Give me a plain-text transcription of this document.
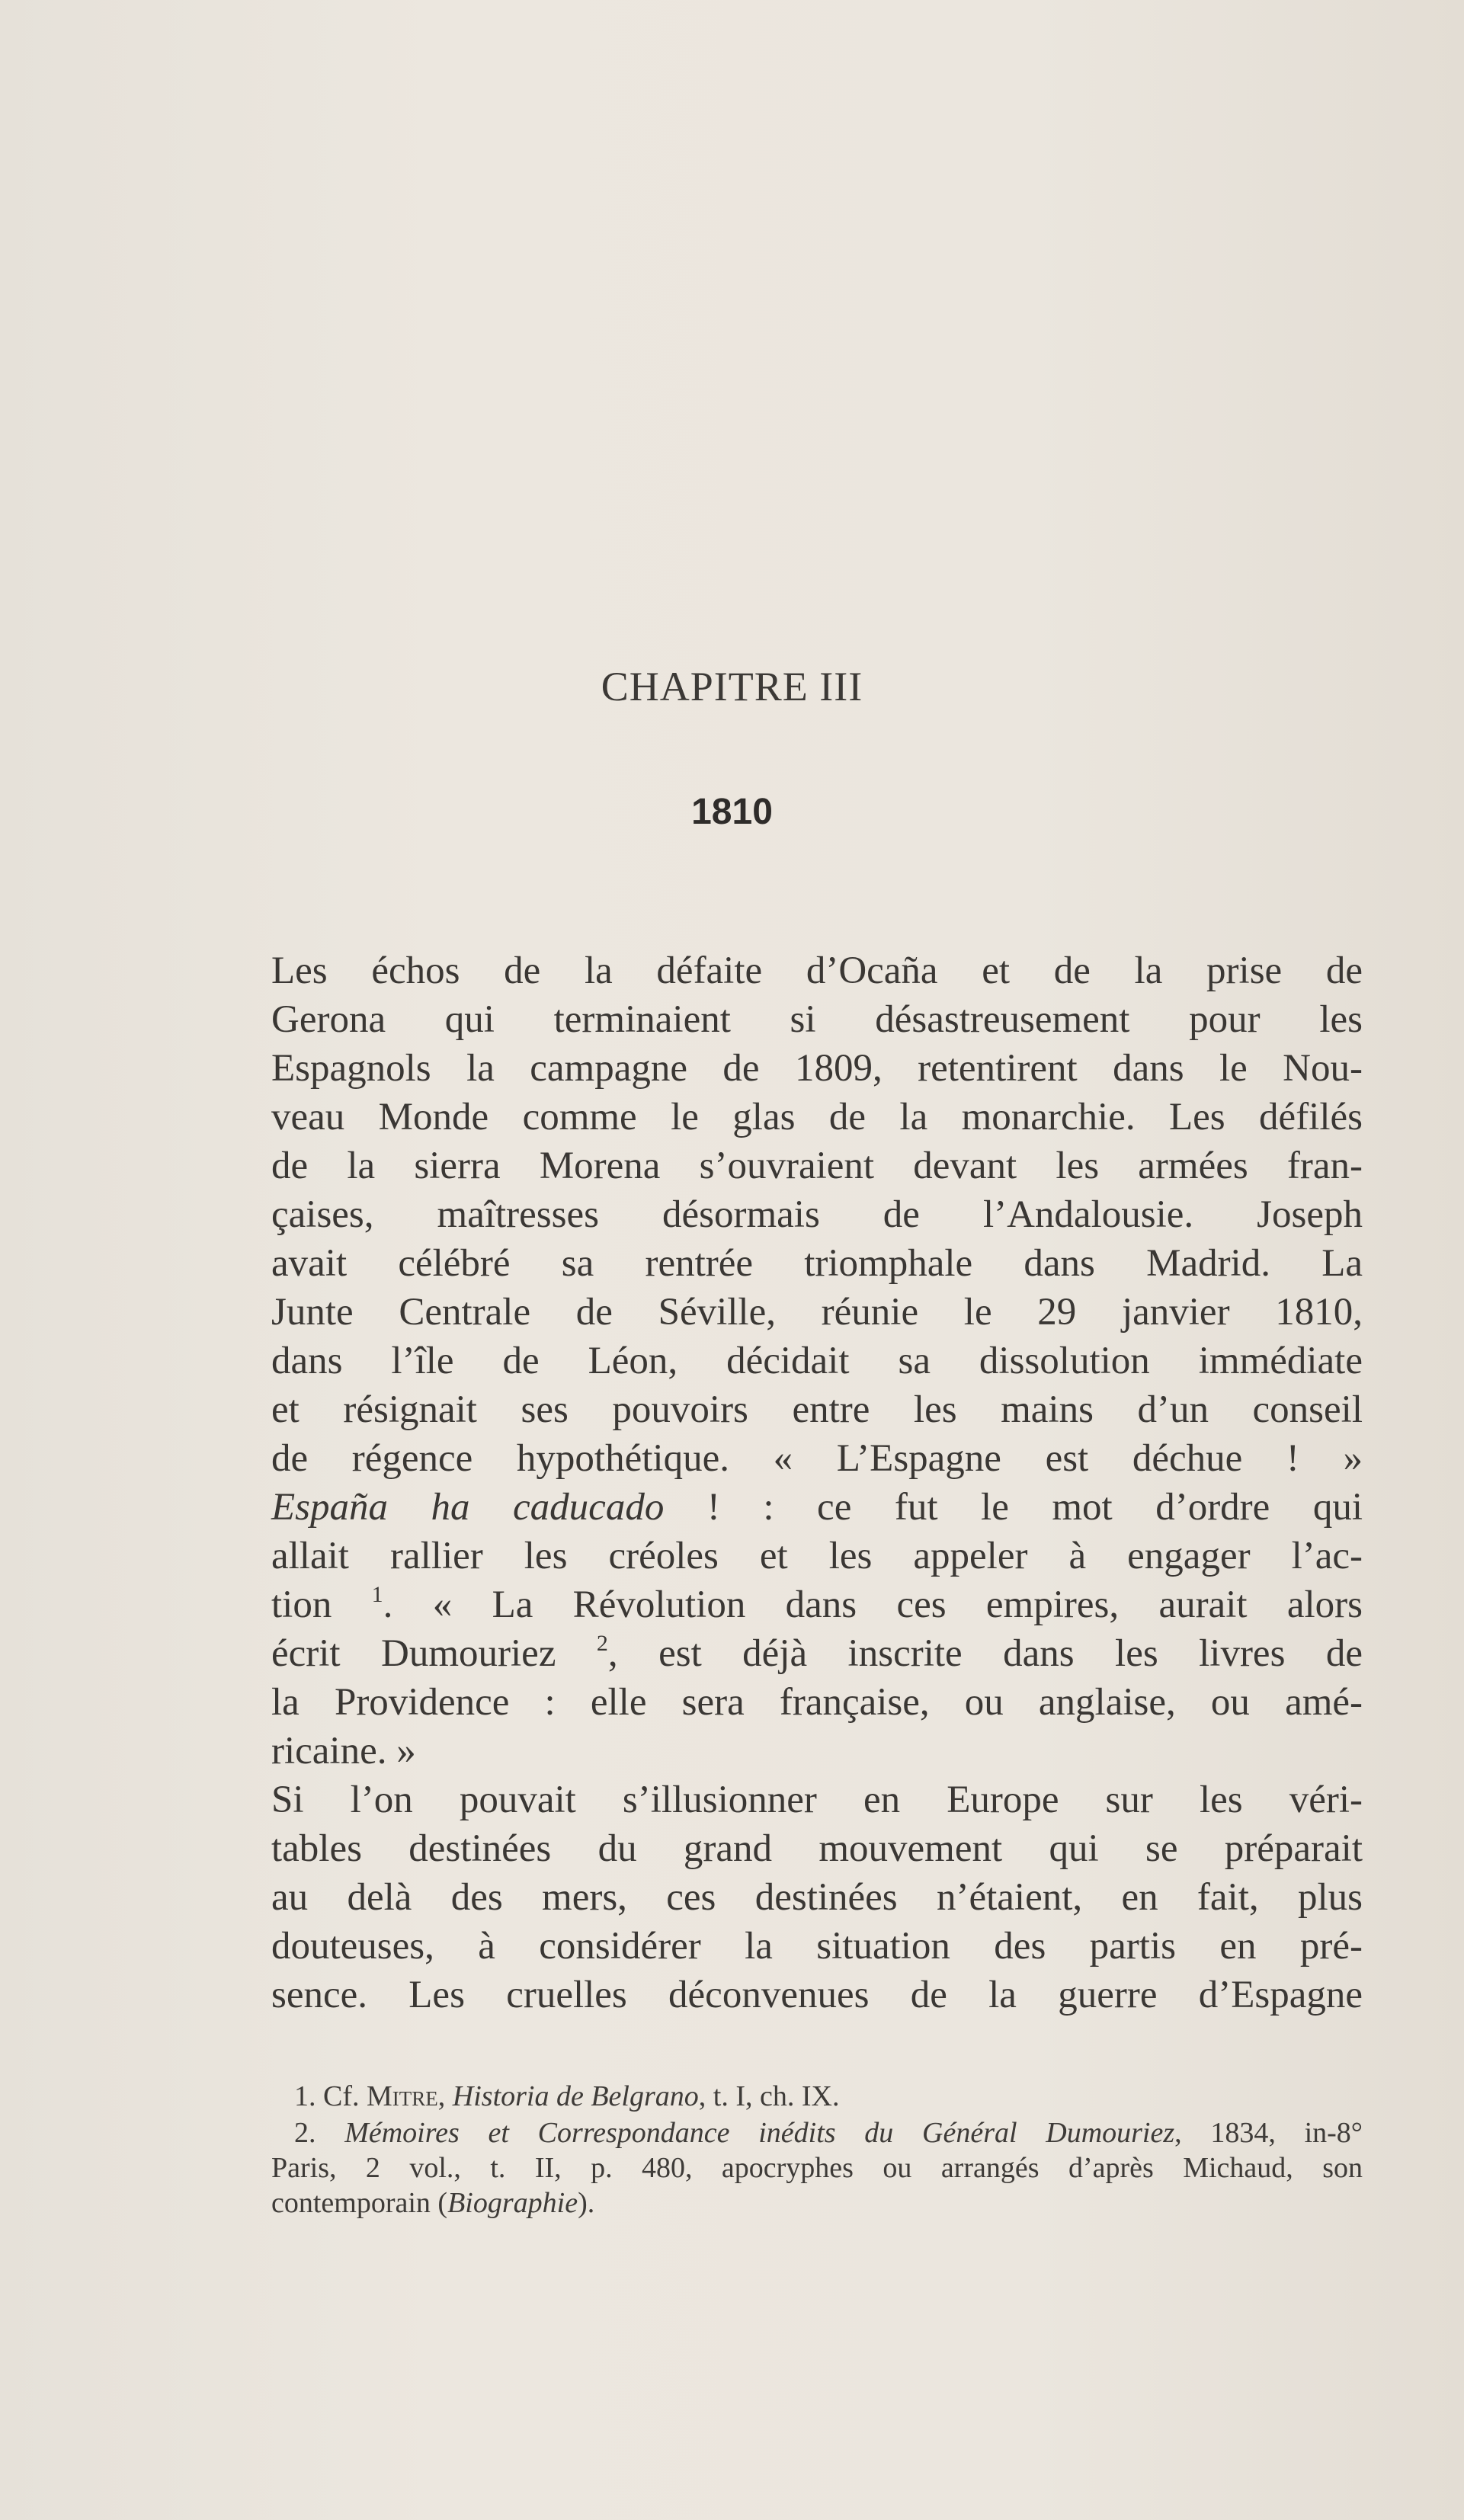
CHAPITRE III
1810
Les échos de la défaite d’Ocaña et de la prise de
Gerona qui terminaient si désastreusement pour les
Espagnols la campagne de 1809, retentirent dans le Nou-
veau Monde comme le glas de la monarchie. Les défilés
de la sierra Morena s’ouvraient devant les armées fran-
çaises, maîtresses désormais de l’Andalousie. Joseph
avait célébré sa rentrée triomphale dans Madrid. La
Junte Centrale de Séville, réunie le 29 janvier 1810,
dans l’île de Léon, décidait sa dissolution immédiate
et résignait ses pouvoirs entre les mains d’un conseil
de régence hypothétique. « L’Espagne est déchue ! »
España ha caducado ! : ce fut le mot d’ordre qui
allait rallier les créoles et les appeler à engager l’ac-
tion $^1$. « La Révolution dans ces empires, aurait alors
écrit Dumouriez $^2$, est déjà inscrite dans les livres de
la Providence : elle sera française, ou anglaise, ou amé-
ricaine. »
Si l’on pouvait s’illusionner en Europe sur les véri-
tables destinées du grand mouvement qui se préparait
au delà des mers, ces destinées n’étaient, en fait, plus
douteuses, à considérer la situation des partis en pré-
sence. Les cruelles déconvenues de la guerre d’Espagne
1. Cf. Mitre, Historia de Belgrano, t. I, ch. IX.
2. Mémoires et Correspondance inédits du Général Dumouriez, 1834, in-8°
Paris, 2 vol., t. II, p. 480, apocryphes ou arrangés d’après Michaud, son
contemporain (Biographie).
